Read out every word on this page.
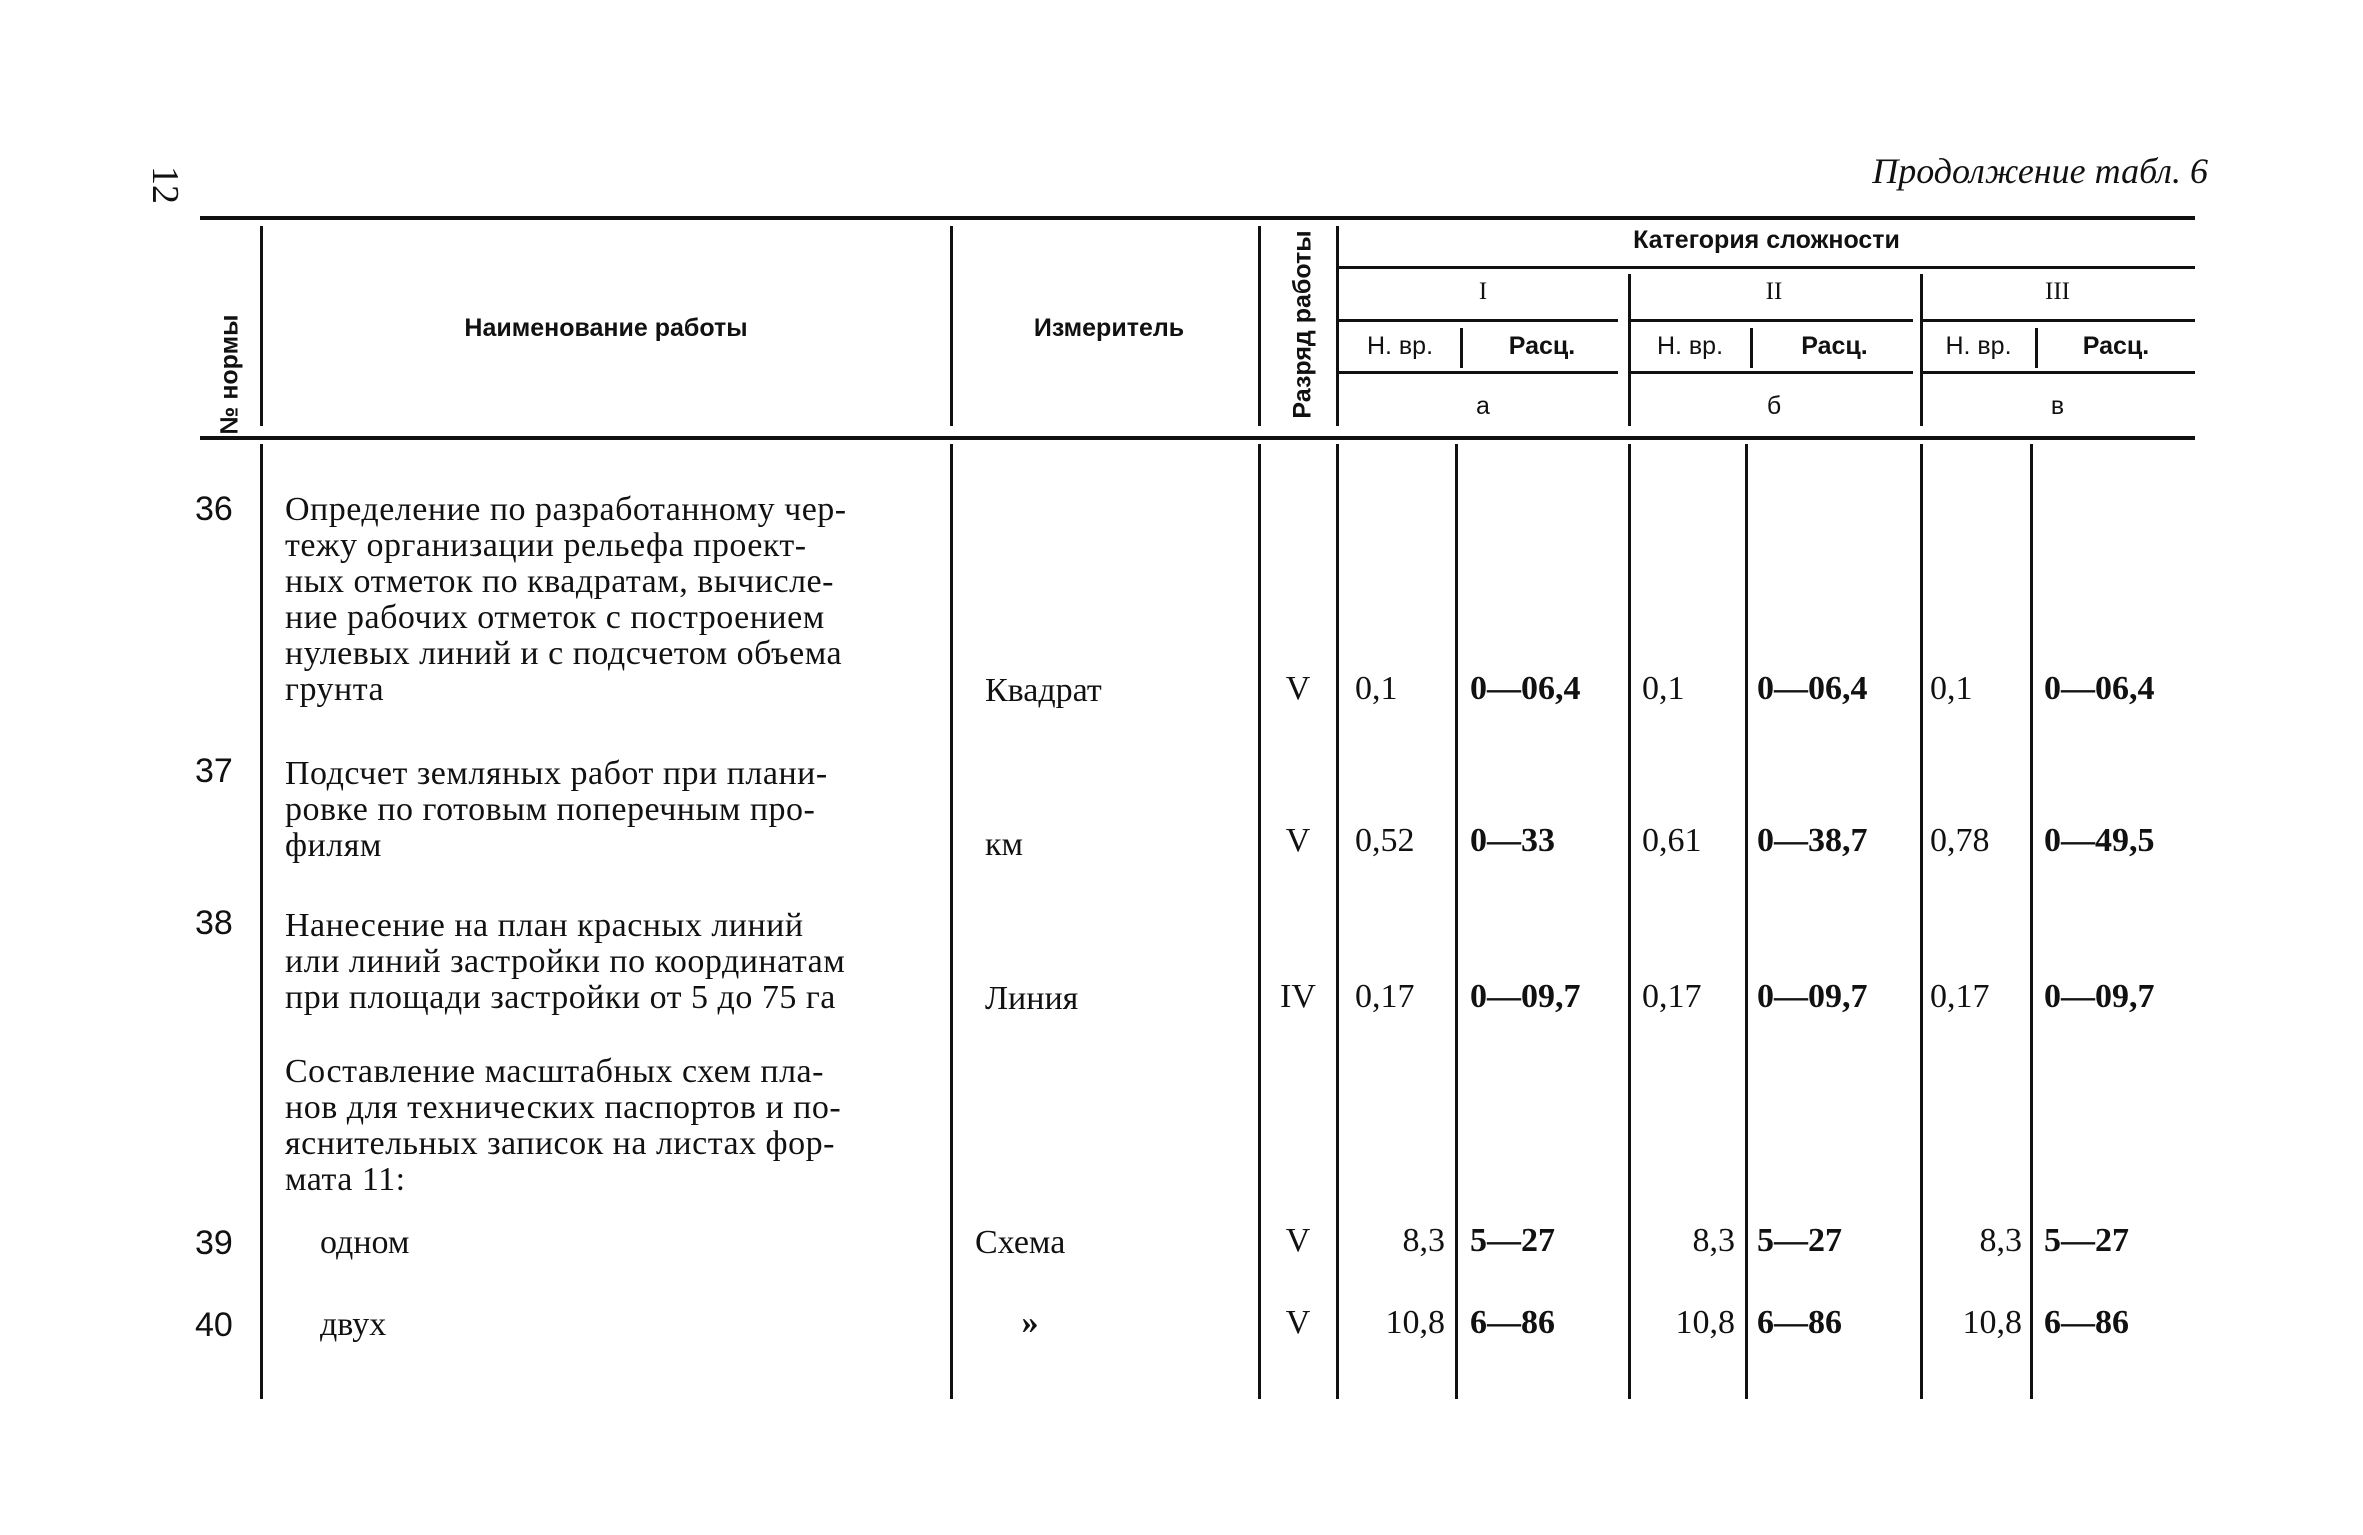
12	Продолжение табл. 6
№ нормы	Наименование работы	Измеритель	Разряд работы	Категория сложности
I	II	III
Н. вр.	Расц.	Н. вр.	Расц.	Н. вр.	Расц.
а	б	в
36 Определение по разработанному чер-
тежу организации рельефа проект-
ных отметок по квадратам, вычисле-
ние рабочих отметок с построением
нулевых линий и с подсчетом объема
грунта	Квадрат	V	0,1 0—06,4 0,1 0—06,4 0,1 0—06,4
37 Подсчет земляных работ при плани-
ровке по готовым поперечным про-
филям	км	V	0,52 0—33	0,61 0—38,7 0,78 0—49,5
38 Нанесение на план красных линий
или линий застройки по координатам
при площади застройки от 5 до 75 га	Линия	IV	0,17 0—09,7 0,17 0—09,7 0,17 0—09,7
Составление масштабных схем пла-
нов для технических паспортов и по-
яснительных записок на листах фор-
мата 11:
39	одном	Схема	V	8,3 5—27	8,3 5—27	8,3 5—27
40	двух	»	V	10,8 6—86	10,8 6—86	10,8 6—86
